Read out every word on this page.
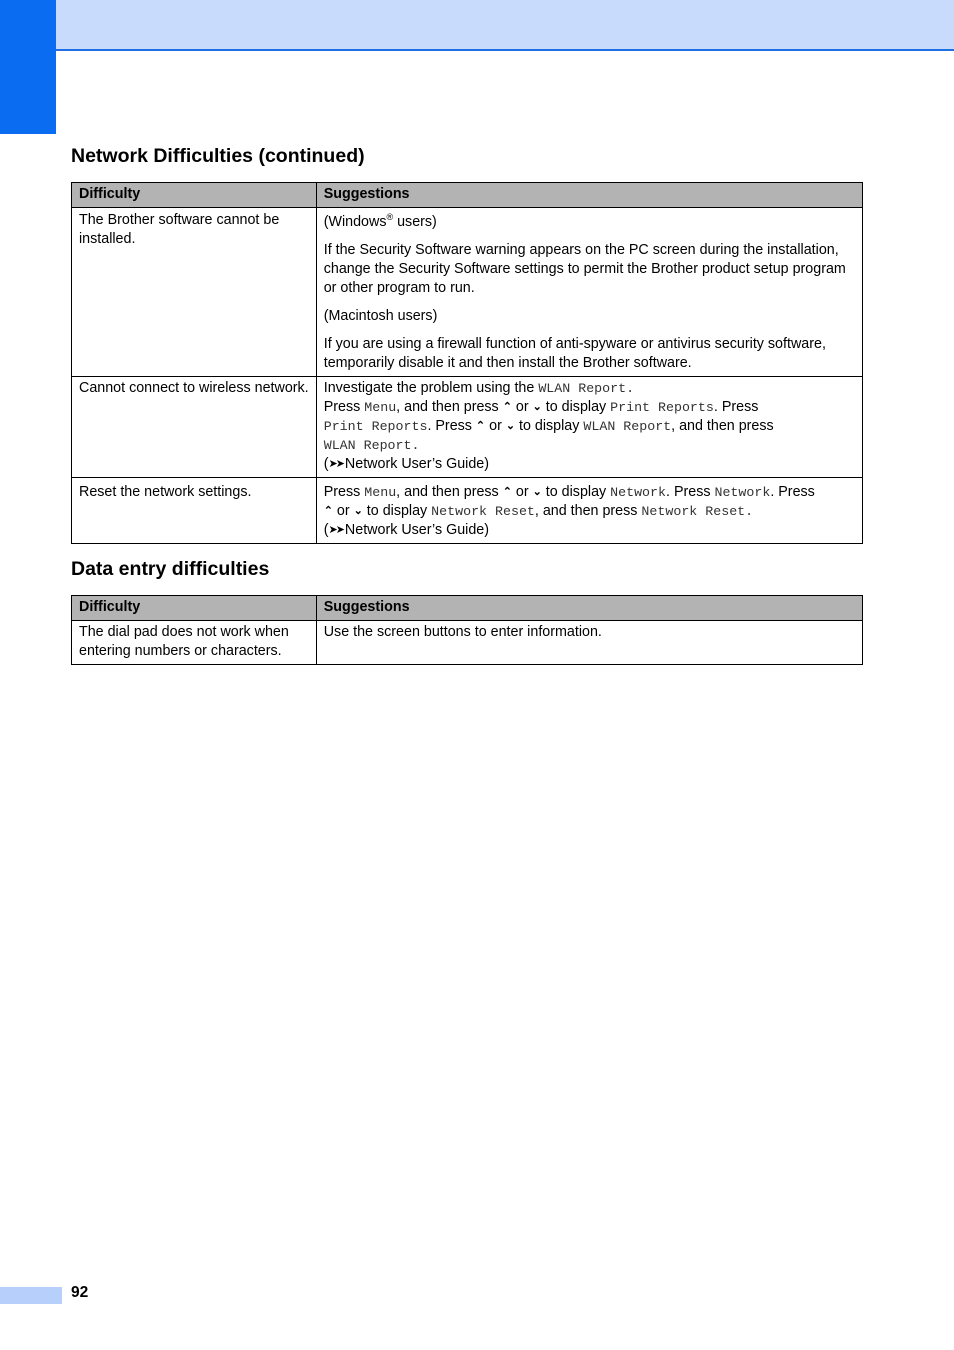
Network Difficulties (continued)
Difficulty	Suggestions
The Brother software cannot be installed.	(Windows® users)

If the Security Software warning appears on the PC screen during the installation, change the Security Software settings to permit the Brother product setup program or other program to run.

(Macintosh users)

If you are using a firewall function of anti-spyware or antivirus security software, temporarily disable it and then install the Brother software.

Cannot connect to wireless network.	Investigate the problem using the WLAN Report.
Press Menu, and then press ⌃ or ⌄ to display Print Reports. Press
Print Reports. Press ⌃ or ⌄ to display WLAN Report, and then press
WLAN Report.
(➤➤ Network User’s Guide)
Reset the network settings.	Press Menu, and then press ⌃ or ⌄ to display Network. Press Network. Press
⌃ or ⌄ to display Network Reset, and then press Network Reset.
(➤➤ Network User’s Guide)
Data entry difficulties
Difficulty	Suggestions
The dial pad does not work when entering numbers or characters.	Use the screen buttons to enter information.
92
